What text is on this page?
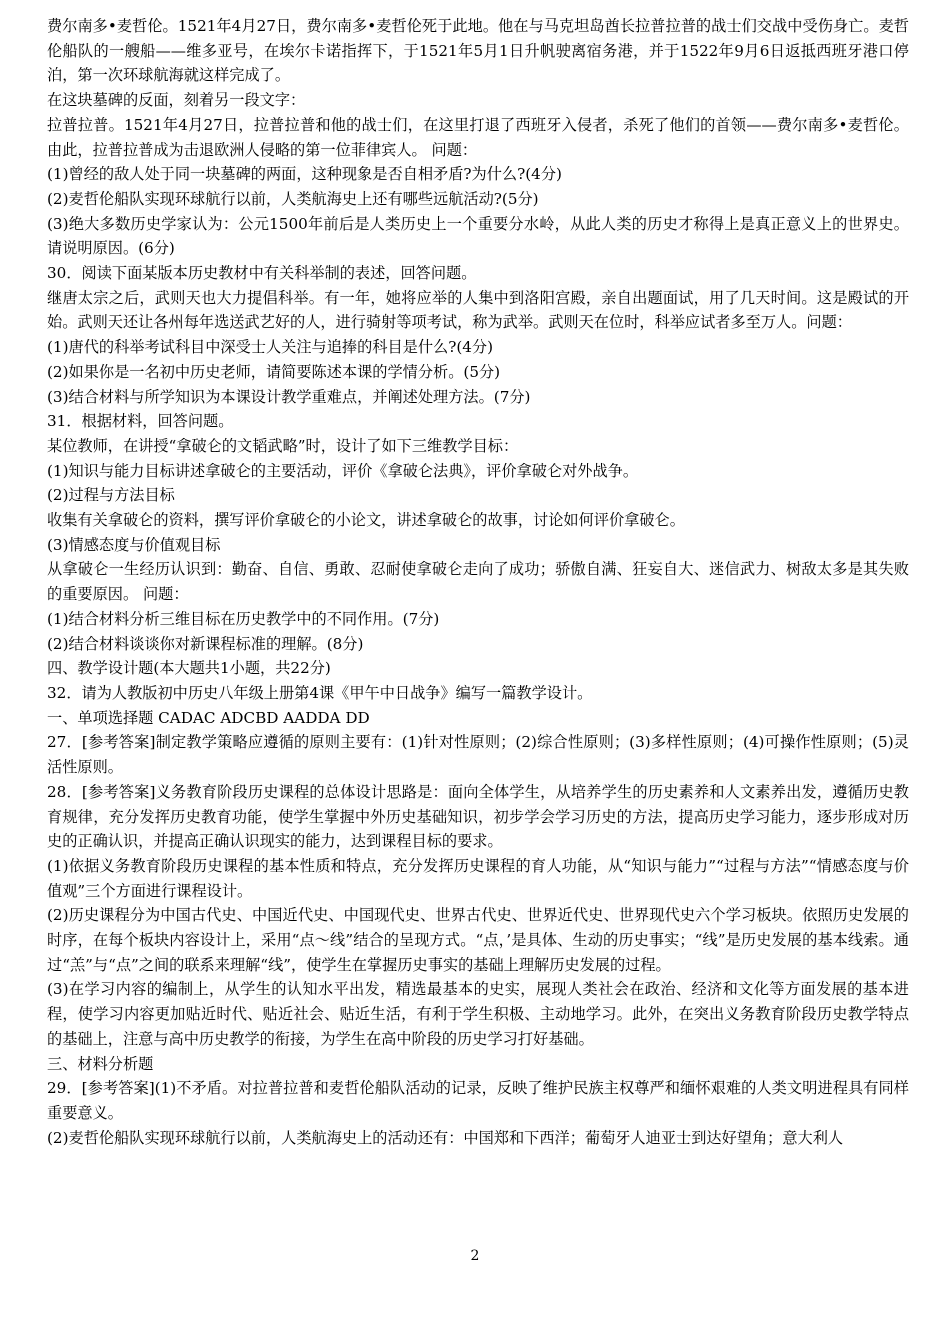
费尔南多•麦哲伦。1521年4月27日，费尔南多•麦哲伦死于此地。他在与马克坦岛酋长拉普拉普的战士们交战中受伤身亡。麦哲伦船队的一艘船——维多亚号，在埃尔卡诺指挥下，于1521年5月1日升帆驶离宿务港，并于1522年9月6日返抵西班牙港口停泊，第一次环球航海就这样完成了。

在这块墓碑的反面，刻着另一段文字：

拉普拉普。1521年4月27日，拉普拉普和他的战士们，在这里打退了西班牙入侵者，杀死了他们的首领——费尔南多•麦哲伦。由此，拉普拉普成为击退欧洲人侵略的第一位菲律宾人。 问题：

(1)曾经的敌人处于同一块墓碑的两面，这种现象是否自相矛盾?为什么?(4分)

(2)麦哲伦船队实现环球航行以前，人类航海史上还有哪些远航活动?(5分)

(3)绝大多数历史学家认为：公元1500年前后是人类历史上一个重要分水岭，从此人类的历史才称得上是真正意义上的世界史。请说明原因。(6分)

30．阅读下面某版本历史教材中有关科举制的表述，回答问题。

继唐太宗之后，武则天也大力提倡科举。有一年，她将应举的人集中到洛阳宫殿，亲自出题面试，用了几天时间。这是殿试的开始。武则天还让各州每年选送武艺好的人，进行骑射等项考试，称为武举。武则天在位时，科举应试者多至万人。问题：

(1)唐代的科举考试科目中深受士人关注与追捧的科目是什么?(4分)

(2)如果你是一名初中历史老师，请简要陈述本课的学情分析。(5分)

(3)结合材料与所学知识为本课设计教学重难点，并阐述处理方法。(7分)

31．根据材料，回答问题。

某位教师，在讲授“拿破仑的文韬武略”时，设计了如下三维教学目标：

(1)知识与能力目标讲述拿破仑的主要活动，评价《拿破仑法典》，评价拿破仑对外战争。

(2)过程与方法目标

收集有关拿破仑的资料，撰写评价拿破仑的小论文，讲述拿破仑的故事，讨论如何评价拿破仑。

(3)情感态度与价值观目标

从拿破仑一生经历认识到：勤奋、自信、勇敢、忍耐使拿破仑走向了成功；骄傲自满、狂妄自大、迷信武力、树敌太多是其失败的重要原因。 问题：

(1)结合材料分析三维目标在历史教学中的不同作用。(7分)

(2)结合材料谈谈你对新课程标准的理解。(8分)

四、教学设计题(本大题共1小题，共22分)

32．请为人教版初中历史八年级上册第4课《甲午中日战争》编写一篇教学设计。

一、单项选择题 CADAC ADCBD AADDA DD

27．[参考答案]制定教学策略应遵循的原则主要有：(1)针对性原则；(2)综合性原则；(3)多样性原则；(4)可操作性原则；(5)灵活性原则。

28．[参考答案]义务教育阶段历史课程的总体设计思路是：面向全体学生，从培养学生的历史素养和人文素养出发，遵循历史教育规律，充分发挥历史教育功能，使学生掌握中外历史基础知识，初步学会学习历史的方法，提高历史学习能力，逐步形成对历史的正确认识，并提高正确认识现实的能力，达到课程目标的要求。

(1)依据义务教育阶段历史课程的基本性质和特点，充分发挥历史课程的育人功能，从“知识与能力”“过程与方法”“情感态度与价值观”三个方面进行课程设计。

(2)历史课程分为中国古代史、中国近代史、中国现代史、世界古代史、世界近代史、世界现代史六个学习板块。依照历史发展的时序，在每个板块内容设计上，采用“点～线”结合的呈现方式。“点，’是具体、生动的历史事实；“线”是历史发展的基本线索。通过“羔”与“点”之间的联系来理解“线”，使学生在掌握历史事实的基础上理解历史发展的过程。

(3)在学习内容的编制上，从学生的认知水平出发，精选最基本的史实，展现人类社会在政治、经济和文化等方面发展的基本进程，使学习内容更加贴近时代、贴近社会、贴近生活，有利于学生积极、主动地学习。此外，在突出义务教育阶段历史教学特点的基础上，注意与高中历史教学的衔接，为学生在高中阶段的历史学习打好基础。

三、材料分析题

29．[参考答案](1)不矛盾。对拉普拉普和麦哲伦船队活动的记录，反映了维护民族主权尊严和缅怀艰难的人类文明进程具有同样重要意义。

(2)麦哲伦船队实现环球航行以前，人类航海史上的活动还有：中国郑和下西洋；葡萄牙人迪亚士到达好望角；意大利人

2
